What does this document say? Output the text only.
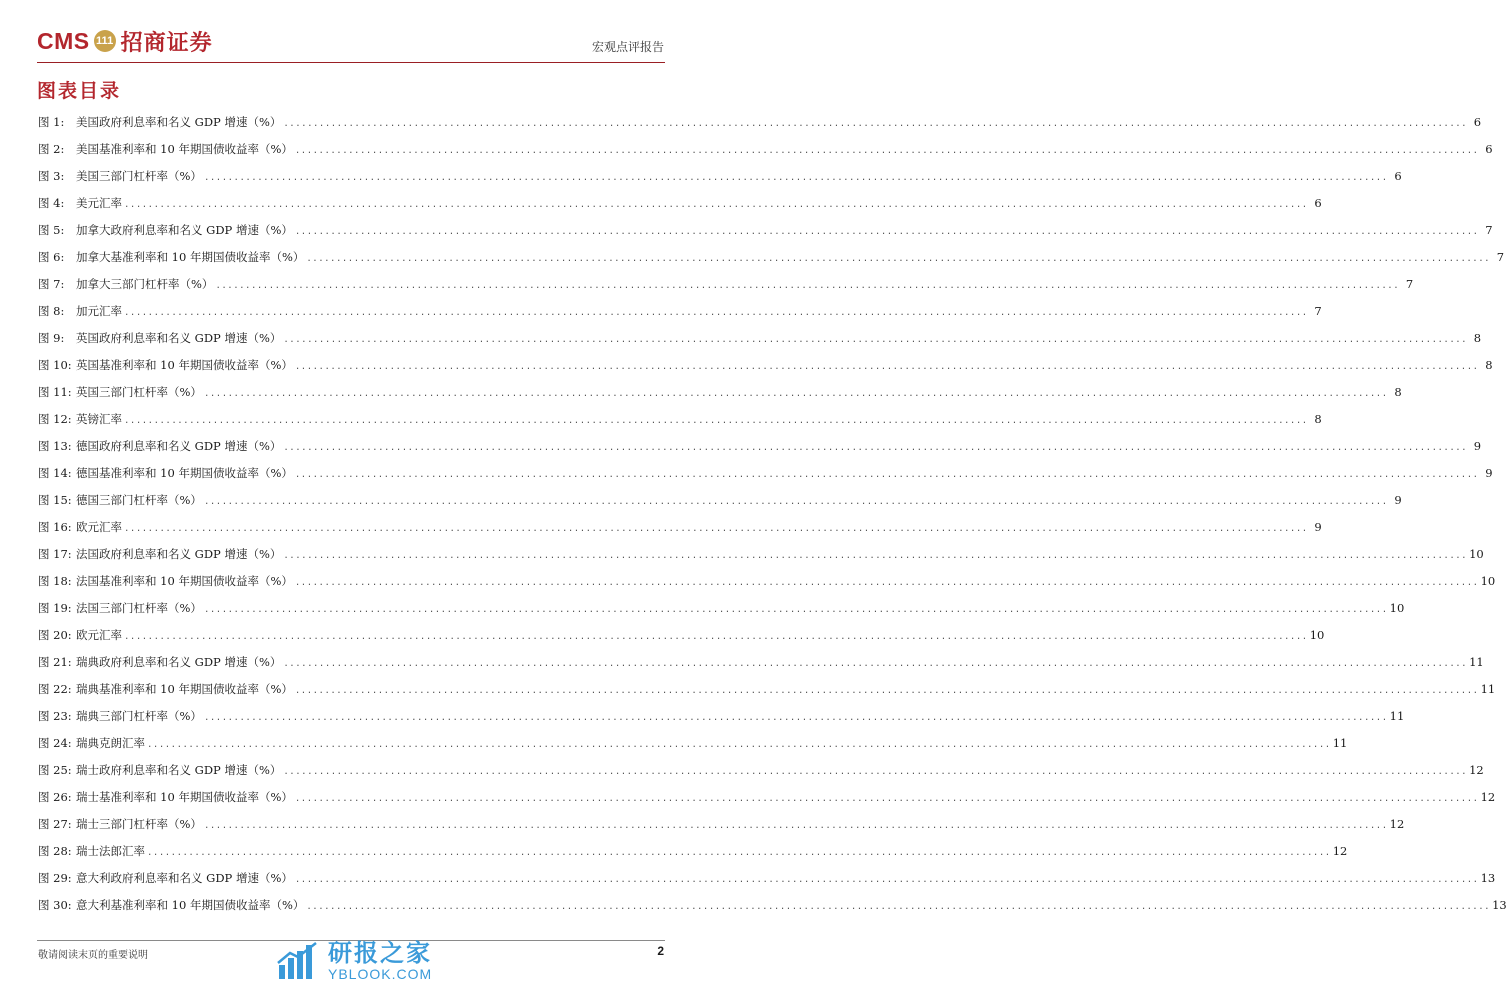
CMS 111 招商证券	宏观点评报告
图表目录
图 1:	美国政府利息率和名义 GDP 增速（%） ........................................................................................................................................................................................................ 6
图 2:	美国基准利率和 10 年期国债收益率（%） ........................................................................................................................................................................................................ 6
图 3:	美国三部门杠杆率（%） ........................................................................................................................................................................................................ 6
图 4:	美元汇率 ........................................................................................................................................................................................................ 6
图 5:	加拿大政府利息率和名义 GDP 增速（%） ........................................................................................................................................................................................................ 7
图 6:	加拿大基准利率和 10 年期国债收益率（%） ........................................................................................................................................................................................................ 7
图 7:	加拿大三部门杠杆率（%） ........................................................................................................................................................................................................ 7
图 8:	加元汇率 ........................................................................................................................................................................................................ 7
图 9:	英国政府利息率和名义 GDP 增速（%） ........................................................................................................................................................................................................ 8
图 10: 英国基准利率和 10 年期国债收益率（%） ........................................................................................................................................................................................................ 8
图 11: 英国三部门杠杆率（%） ........................................................................................................................................................................................................ 8
图 12: 英镑汇率 ........................................................................................................................................................................................................ 8
图 13: 德国政府利息率和名义 GDP 增速（%） ........................................................................................................................................................................................................ 9
图 14: 德国基准利率和 10 年期国债收益率（%） ........................................................................................................................................................................................................ 9
图 15: 德国三部门杠杆率（%） ........................................................................................................................................................................................................ 9
图 16: 欧元汇率 ........................................................................................................................................................................................................ 9
图 17: 法国政府利息率和名义 GDP 增速（%） ........................................................................................................................................................................................................ 10
图 18: 法国基准利率和 10 年期国债收益率（%） ........................................................................................................................................................................................................ 10
图 19: 法国三部门杠杆率（%） ........................................................................................................................................................................................................ 10
图 20: 欧元汇率 ........................................................................................................................................................................................................ 10
图 21: 瑞典政府利息率和名义 GDP 增速（%） ........................................................................................................................................................................................................ 11
图 22: 瑞典基准利率和 10 年期国债收益率（%） ........................................................................................................................................................................................................ 11
图 23: 瑞典三部门杠杆率（%） ........................................................................................................................................................................................................ 11
图 24: 瑞典克朗汇率 ........................................................................................................................................................................................................ 11
图 25: 瑞士政府利息率和名义 GDP 增速（%） ........................................................................................................................................................................................................ 12
图 26: 瑞士基准利率和 10 年期国债收益率（%） ........................................................................................................................................................................................................ 12
图 27: 瑞士三部门杠杆率（%） ........................................................................................................................................................................................................ 12
图 28: 瑞士法郎汇率 ........................................................................................................................................................................................................ 12
图 29: 意大利政府利息率和名义 GDP 增速（%） ........................................................................................................................................................................................................ 13
图 30: 意大利基准利率和 10 年期国债收益率（%） ........................................................................................................................................................................................................ 13
敬请阅读末页的重要说明	研报之家
YBLOOK.COM
2
